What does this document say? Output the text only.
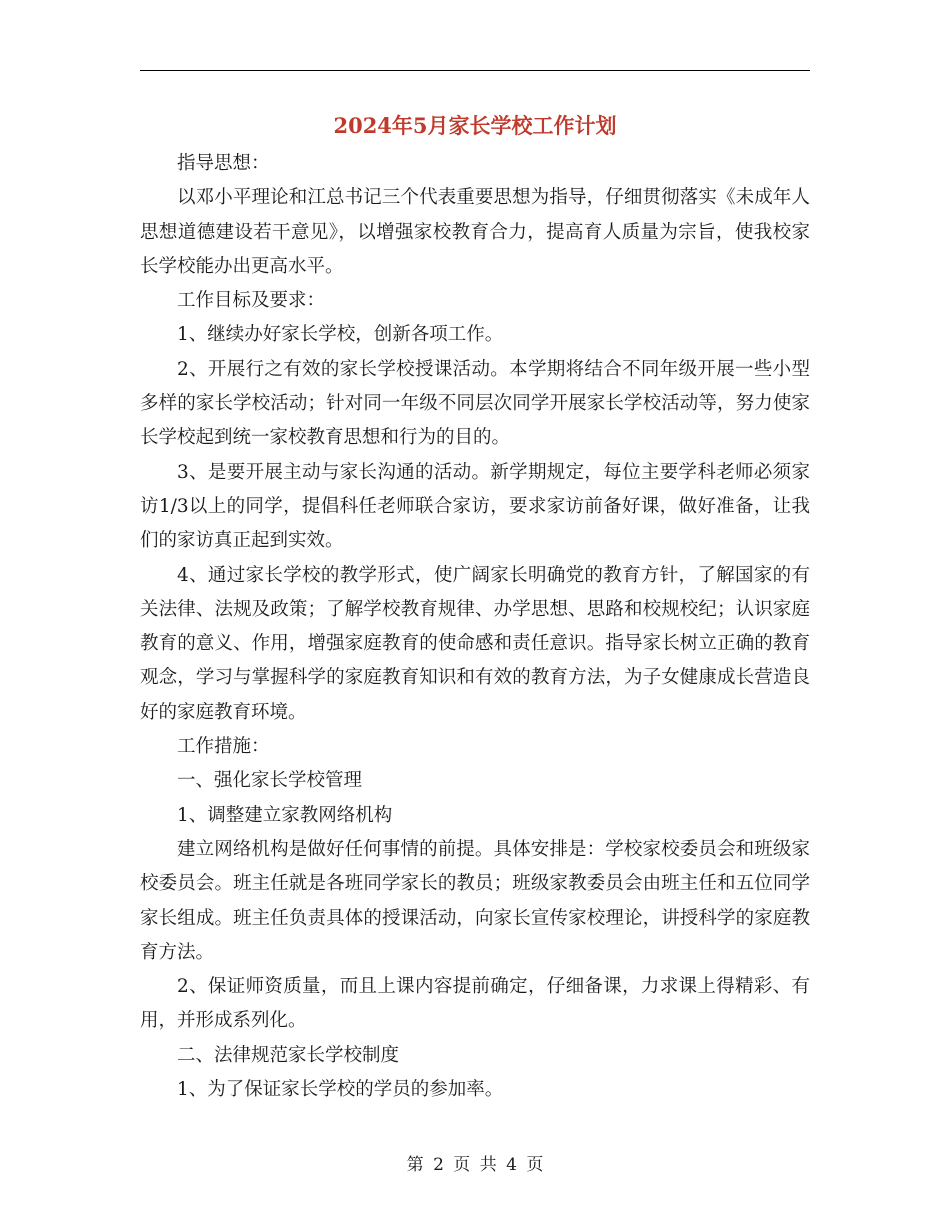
2024年5月家长学校工作计划

指导思想：

以邓小平理论和江总书记三个代表重要思想为指导，仔细贯彻落实《未成年人思想道德建设若干意见》，以增强家校教育合力，提高育人质量为宗旨，使我校家长学校能办出更高水平。

工作目标及要求：

1、继续办好家长学校，创新各项工作。

2、开展行之有效的家长学校授课活动。本学期将结合不同年级开展一些小型多样的家长学校活动；针对同一年级不同层次同学开展家长学校活动等，努力使家长学校起到统一家校教育思想和行为的目的。

3、是要开展主动与家长沟通的活动。新学期规定，每位主要学科老师必须家访1/3以上的同学，提倡科任老师联合家访，要求家访前备好课，做好准备，让我们的家访真正起到实效。

4、通过家长学校的教学形式，使广阔家长明确党的教育方针，了解国家的有关法律、法规及政策；了解学校教育规律、办学思想、思路和校规校纪；认识家庭教育的意义、作用，增强家庭教育的使命感和责任意识。指导家长树立正确的教育观念，学习与掌握科学的家庭教育知识和有效的教育方法，为子女健康成长营造良好的家庭教育环境。

工作措施：

一、强化家长学校管理

1、调整建立家教网络机构

建立网络机构是做好任何事情的前提。具体安排是：学校家校委员会和班级家校委员会。班主任就是各班同学家长的教员；班级家教委员会由班主任和五位同学家长组成。班主任负责具体的授课活动，向家长宣传家校理论，讲授科学的家庭教育方法。

2、保证师资质量，而且上课内容提前确定，仔细备课，力求课上得精彩、有用，并形成系列化。

二、法律规范家长学校制度

1、为了保证家长学校的学员的参加率。

第 2 页 共 4 页
